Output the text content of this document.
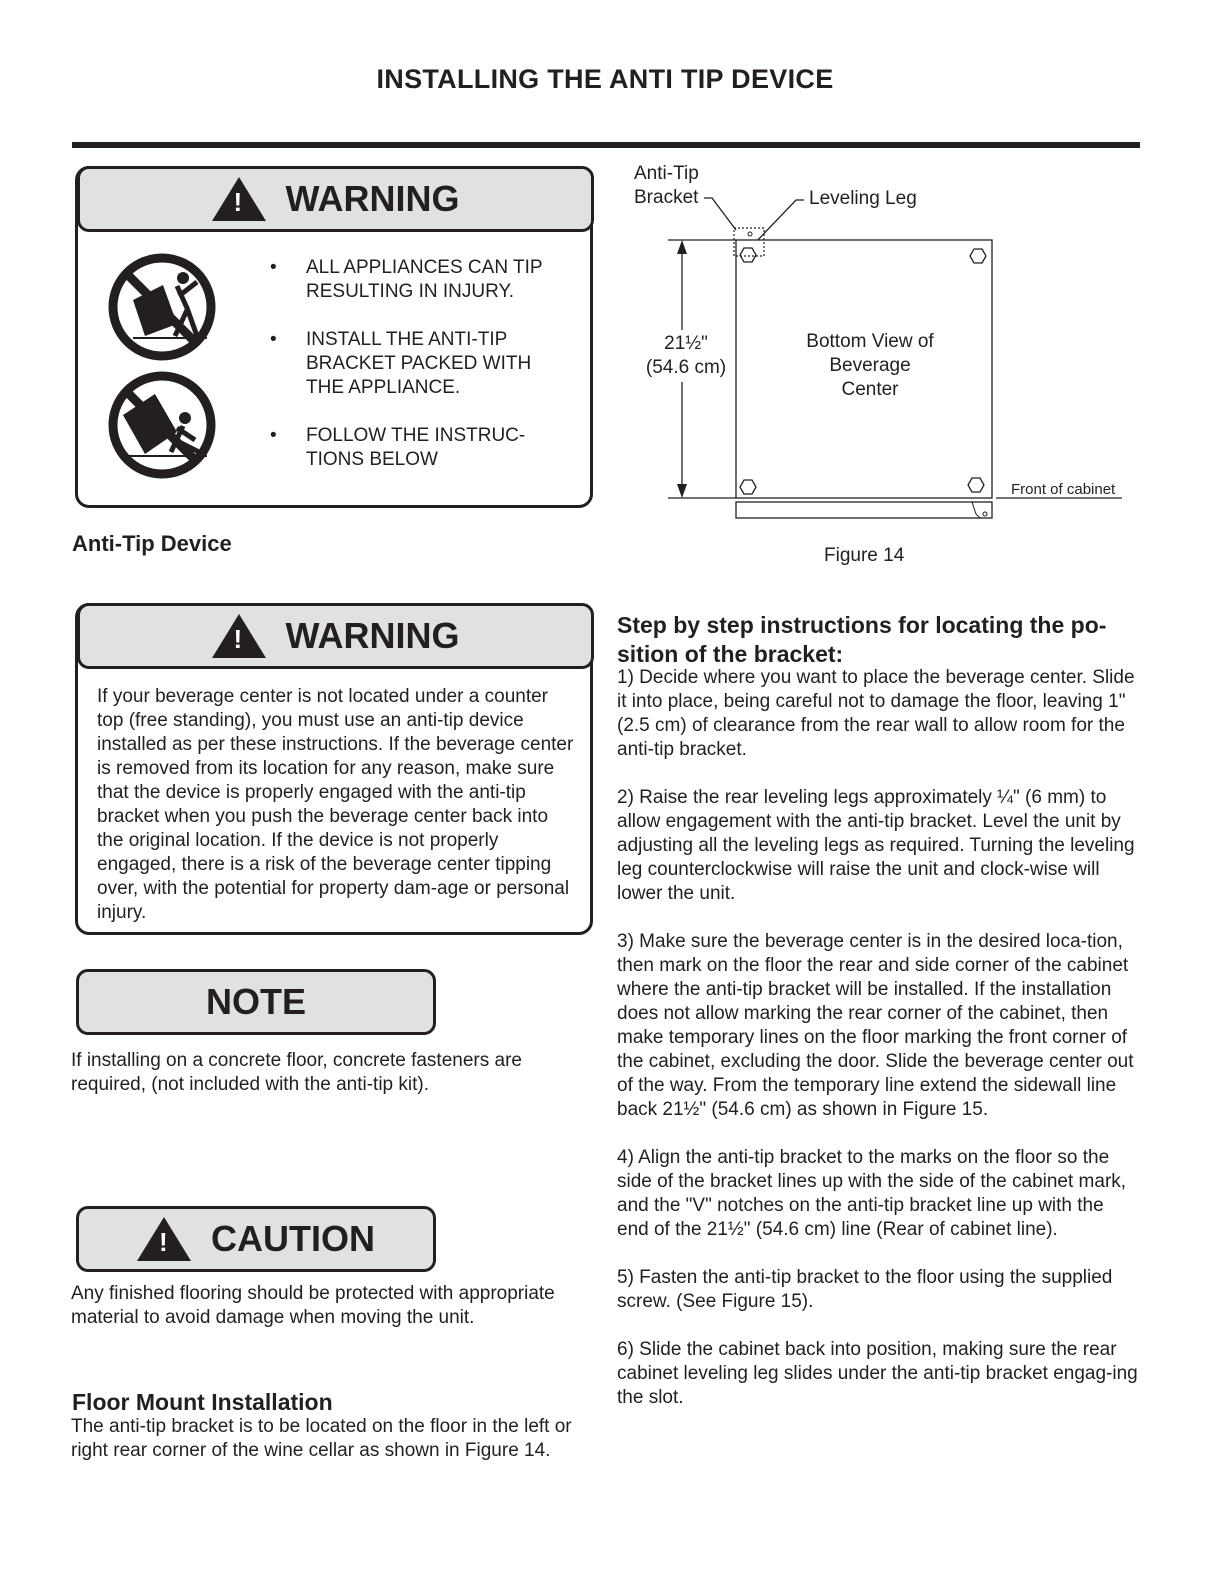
INSTALLING THE ANTI TIP DEVICE
! WARNING
•	ALL APPLIANCES CAN TIP RESULTING IN INJURY.
•	INSTALL THE ANTI-TIP BRACKET PACKED WITH THE APPLIANCE.
•	FOLLOW THE INSTRUC-TIONS BELOW
Anti-Tip
Bracket	Leveling Leg
21½"
(54.6 cm)
Bottom View of
Beverage
Center
Front of cabinet
Figure 14
Anti-Tip Device
! WARNING
If your beverage center is not located under a counter top (free standing), you must use an anti-tip device installed as per these instructions. If the beverage center is removed from its location for any reason, make sure that the device is properly engaged with the anti-tip bracket when you push the beverage center back into the original location. If the device is not properly engaged, there is a risk of the beverage center tipping over, with the potential for property dam-age or personal injury.
NOTE
If installing on a concrete floor, concrete fasteners are required, (not included with the anti-tip kit).
! CAUTION
Any finished flooring should be protected with appropriate material to avoid damage when moving the unit.
Floor Mount Installation
The anti-tip bracket is to be located on the floor in the left or right rear corner of the wine cellar as shown in Figure 14.
Step by step instructions for locating the po-sition of the bracket:

1) Decide where you want to place the beverage center. Slide it into place, being careful not to damage the floor, leaving 1" (2.5 cm) of clearance from the rear wall to allow room for the anti-tip bracket.

2) Raise the rear leveling legs approximately ¼" (6 mm) to allow engagement with the anti-tip bracket. Level the unit by adjusting all the leveling legs as required. Turning the leveling leg counterclockwise will raise the unit and clock-wise will lower the unit.

3) Make sure the beverage center is in the desired loca-tion, then mark on the floor the rear and side corner of the cabinet where the anti-tip bracket will be installed. If the installation does not allow marking the rear corner of the cabinet, then make temporary lines on the floor marking the front corner of the cabinet, excluding the door. Slide the beverage center out of the way. From the temporary line extend the sidewall line back 21½" (54.6 cm) as shown in Figure 15.

4) Align the anti-tip bracket to the marks on the floor so the side of the bracket lines up with the side of the cabinet mark, and the "V" notches on the anti-tip bracket line up with the end of the 21½" (54.6 cm) line (Rear of cabinet line).

5) Fasten the anti-tip bracket to the floor using the supplied screw. (See Figure 15).

6) Slide the cabinet back into position, making sure the rear cabinet leveling leg slides under the anti-tip bracket engag-ing the slot.
